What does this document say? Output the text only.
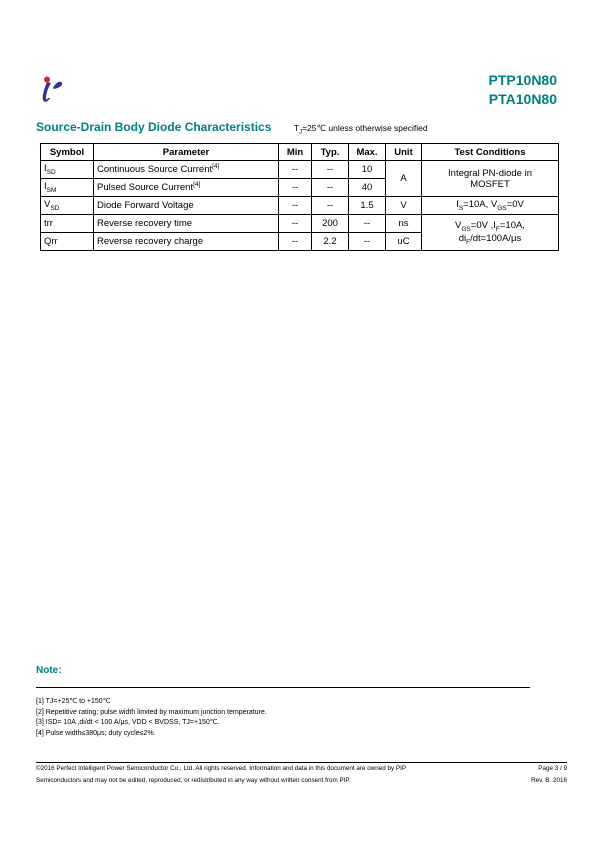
PTP10N80
PTA10N80
Source-Drain Body Diode Characteristics	$T_J=25℃$ unless otherwise specified
Symbol	Parameter	Min	Typ.	Max.	Unit	Test Conditions
$I_{SD}$	Continuous Source Current[4]	--	--	10	A	Integral PN-diode in
MOSFET
$I_{SM}$	Pulsed Source Current[4]	--	--	40		
$V_{SD}$	Diode Forward Voltage	--	--	1.5	V	$I_S=10A$, $V_{GS}=0V$
trr	Reverse recovery time	--	200	--	ns	$V_{GS}=0V$ $,I_F=10A$,
$di_F/dt=100A/\mu s$
Qrr	Reverse recovery charge	--	2.2	--	uC	
Note:
[1] TJ=+25℃ to +150℃
[2] Repetitive rating; pulse width limited by maximum junction temperature.
[3] ISD= 10A ,di/dt < 100 A/μs, VDD < BVDSS, TJ=+150℃.
[4] Pulse width≤380μs; duty cycle≤2%.
©2016 Perfect Intelligent Power Semiconductor Co., Ltd. All rights reserved. Information and data in this document are owned by PIP	Page 3 / 9
Semiconductors and may not be edited, reproduced, or redistributed in any way without written consent from PIP.	Rev. B. 2016
